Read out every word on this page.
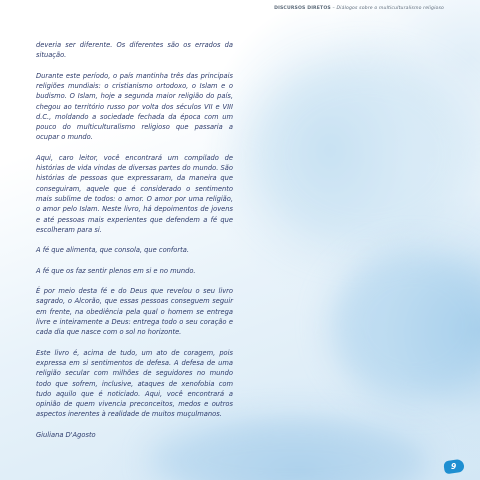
DISCURSOS DIRETOS – Diálogos sobre o multiculturalismo religioso

deveria ser diferente. Os diferentes são os errados da situação.

Durante este período, o país mantinha três das principais religiões mundiais: o cristianismo ortodoxo, o Islam e o budismo. O Islam, hoje a segunda maior religião do país, chegou ao território russo por volta dos séculos VII e VIII d.C., moldando a sociedade fechada da época com um pouco do multiculturalismo religioso que passaria a ocupar o mundo.

Aqui, caro leitor, você encontrará um compilado de histórias de vida vindas de diversas partes do mundo. São histórias de pessoas que expressaram, da maneira que conseguiram, aquele que é considerado o sentimento mais sublime de todos: o amor. O amor por uma religião, o amor pelo Islam. Neste livro, há depoimentos de jovens e até pessoas mais experientes que defendem a fé que escolheram para si.

A fé que alimenta, que consola, que conforta.

A fé que os faz sentir plenos em si e no mundo.

É por meio desta fé e do Deus que revelou o seu livro sagrado, o Alcorão, que essas pessoas conseguem seguir em frente, na obediência pela qual o homem se entrega livre e inteiramente a Deus: entrega todo o seu coração e cada dia que nasce com o sol no horizonte.

Este livro é, acima de tudo, um ato de coragem, pois expressa em si sentimentos de defesa. A defesa de uma religião secular com milhões de seguidores no mundo todo que sofrem, inclusive, ataques de xenofobia com tudo aquilo que é noticiado. Aqui, você encontrará a opinião de quem vivencia preconceitos, medos e outros aspectos inerentes à realidade de muitos muçulmanos.

Giuliana D'Agosto

9
